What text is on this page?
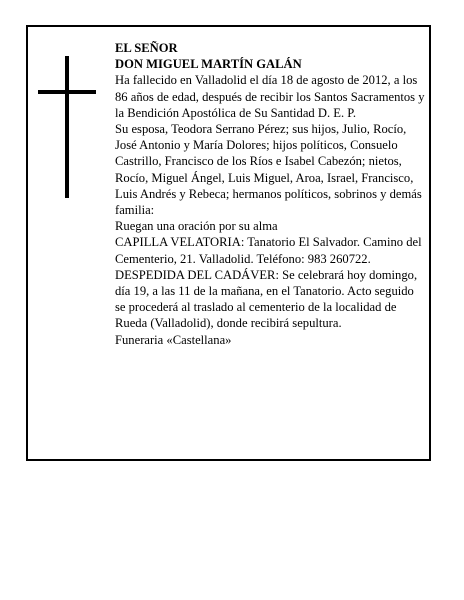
EL SEÑOR

DON MIGUEL MARTÍN GALÁN

Ha fallecido en Valladolid el día 18 de agosto de 2012, a los 86 años de edad, después de recibir los Santos Sacramentos y la Bendición Apostólica de Su Santidad D. E. P.

Su esposa, Teodora Serrano Pérez; sus hijos, Julio, Rocío, José Antonio y María Dolores; hijos políticos, Consuelo Castrillo, Francisco de los Ríos e Isabel Cabezón; nietos, Rocío, Miguel Ángel, Luis Miguel, Aroa, Israel, Francisco, Luis Andrés y Rebeca; hermanos políticos, sobrinos y demás familia:

Ruegan una oración por su alma

CAPILLA VELATORIA: Tanatorio El Salvador. Camino del Cementerio, 21. Valladolid. Teléfono: 983 260722.

DESPEDIDA DEL CADÁVER: Se celebrará hoy domingo, día 19, a las 11 de la mañana, en el Tanatorio. Acto seguido se procederá al traslado al cementerio de la localidad de Rueda (Valladolid), donde recibirá sepultura.

Funeraria «Castellana»
